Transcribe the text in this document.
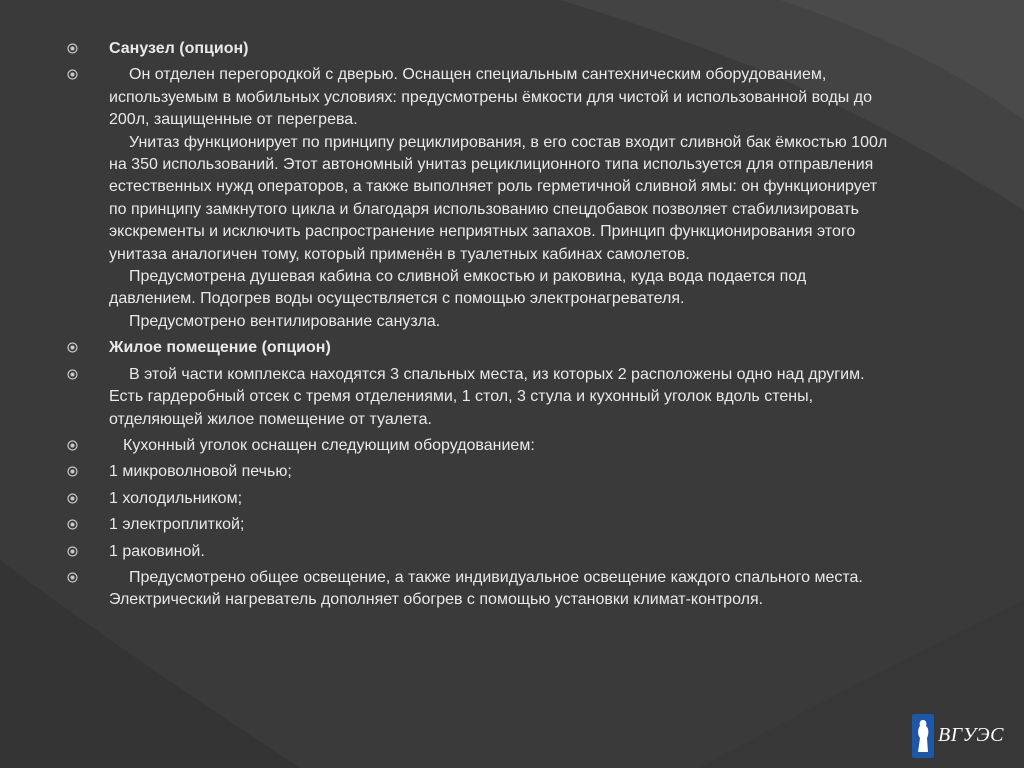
Санузел (опцион)
Он отделен перегородкой с дверью. Оснащен специальным сантехническим оборудованием, используемым в мобильных условиях: предусмотрены ёмкости для чистой и использованной воды до 200л, защищенные от перегрева.
Унитаз функционирует по принципу рециклирования, в его состав входит сливной бак ёмкостью 100л на 350 использований. Этот автономный унитаз рециклиционного типа используется для отправления естественных нужд операторов, а также выполняет роль герметичной сливной ямы: он функционирует по принципу замкнутого цикла и благодаря использованию спецдобавок позволяет стабилизировать экскременты и исключить распространение неприятных запахов. Принцип функционирования этого унитаза аналогичен тому, который применён в туалетных кабинах самолетов.
Предусмотрена душевая кабина со сливной емкостью и раковина, куда вода подается под давлением. Подогрев воды осуществляется с помощью электронагревателя.
Предусмотрено вентилирование санузла.
Жилое помещение (опцион)
В этой части комплекса находятся 3 спальных места, из которых 2 расположены одно над другим. Есть гардеробный отсек с тремя отделениями, 1 стол, 3 стула и кухонный уголок вдоль стены, отделяющей жилое помещение от туалета.
Кухонный уголок оснащен следующим оборудованием:
1 микроволновой печью;
1 холодильником;
1 электроплиткой;
1 раковиной.
Предусмотрено общее освещение, а также индивидуальное освещение каждого спального места. Электрический нагреватель дополняет обогрев с помощью установки климат-контроля.
ВГУЭС
